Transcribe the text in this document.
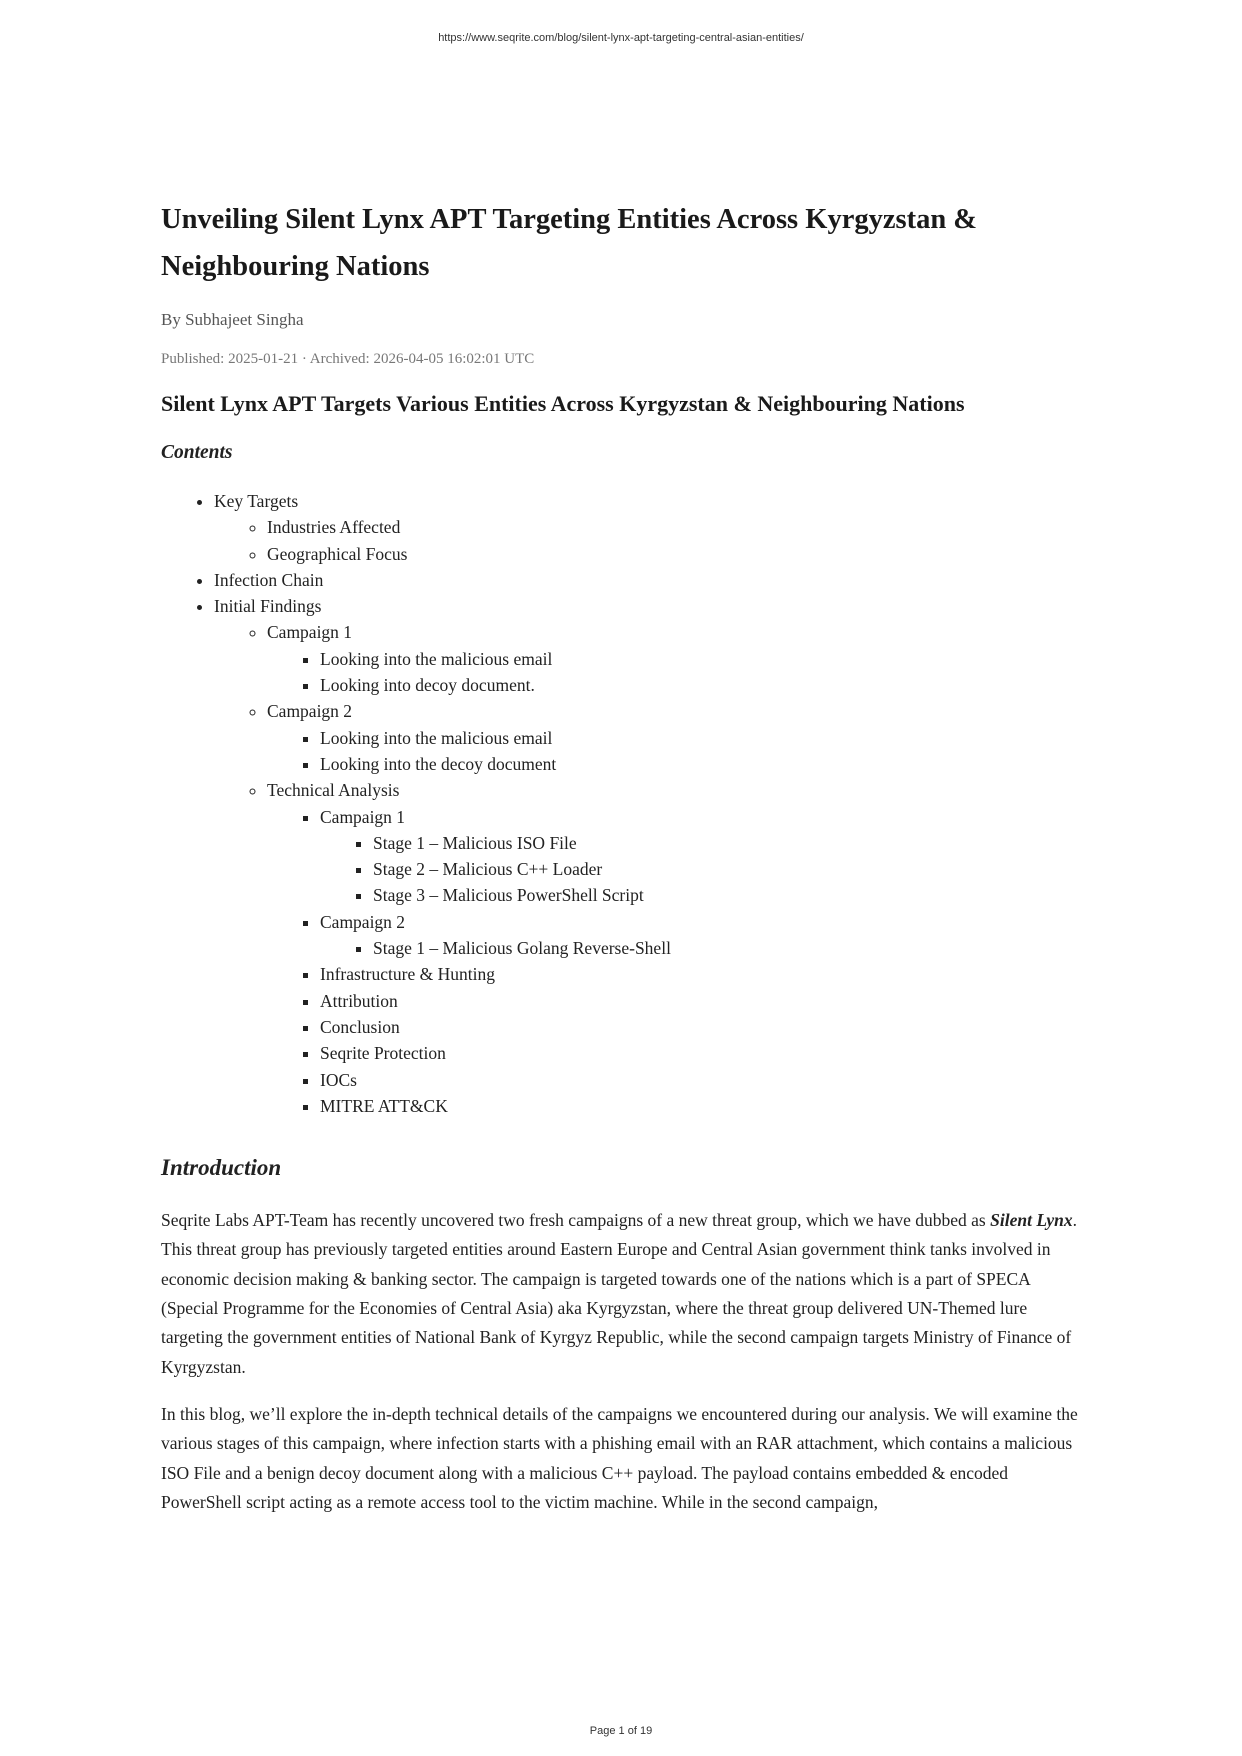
https://www.seqrite.com/blog/silent-lynx-apt-targeting-central-asian-entities/
Unveiling Silent Lynx APT Targeting Entities Across Kyrgyzstan & Neighbouring Nations
By Subhajeet Singha
Published: 2025-01-21 · Archived: 2026-04-05 16:02:01 UTC
Silent Lynx APT Targets Various Entities Across Kyrgyzstan & Neighbouring Nations
Contents
• Key Targets
◦ Industries Affected
◦ Geographical Focus
• Infection Chain
• Initial Findings
◦ Campaign 1
▪ Looking into the malicious email
▪ Looking into decoy document.
◦ Campaign 2
▪ Looking into the malicious email
▪ Looking into the decoy document
◦ Technical Analysis
▪ Campaign 1
▪ Stage 1 – Malicious ISO File
▪ Stage 2 – Malicious C++ Loader
▪ Stage 3 – Malicious PowerShell Script
▪ Campaign 2
▪ Stage 1 – Malicious Golang Reverse-Shell
▪ Infrastructure & Hunting
▪ Attribution
▪ Conclusion
▪ Seqrite Protection
▪ IOCs
▪ MITRE ATT&CK
Introduction

Seqrite Labs APT-Team has recently uncovered two fresh campaigns of a new threat group, which we have dubbed as Silent Lynx. This threat group has previously targeted entities around Eastern Europe and Central Asian government think tanks involved in economic decision making & banking sector. The campaign is targeted towards one of the nations which is a part of SPECA (Special Programme for the Economies of Central Asia) aka Kyrgyzstan, where the threat group delivered UN-Themed lure targeting the government entities of National Bank of Kyrgyz Republic, while the second campaign targets Ministry of Finance of Kyrgyzstan.

In this blog, we’ll explore the in-depth technical details of the campaigns we encountered during our analysis. We will examine the various stages of this campaign, where infection starts with a phishing email with an RAR attachment, which contains a malicious ISO File and a benign decoy document along with a malicious C++ payload. The payload contains embedded & encoded PowerShell script acting as a remote access tool to the victim machine. While in the second campaign,

Page 1 of 19
